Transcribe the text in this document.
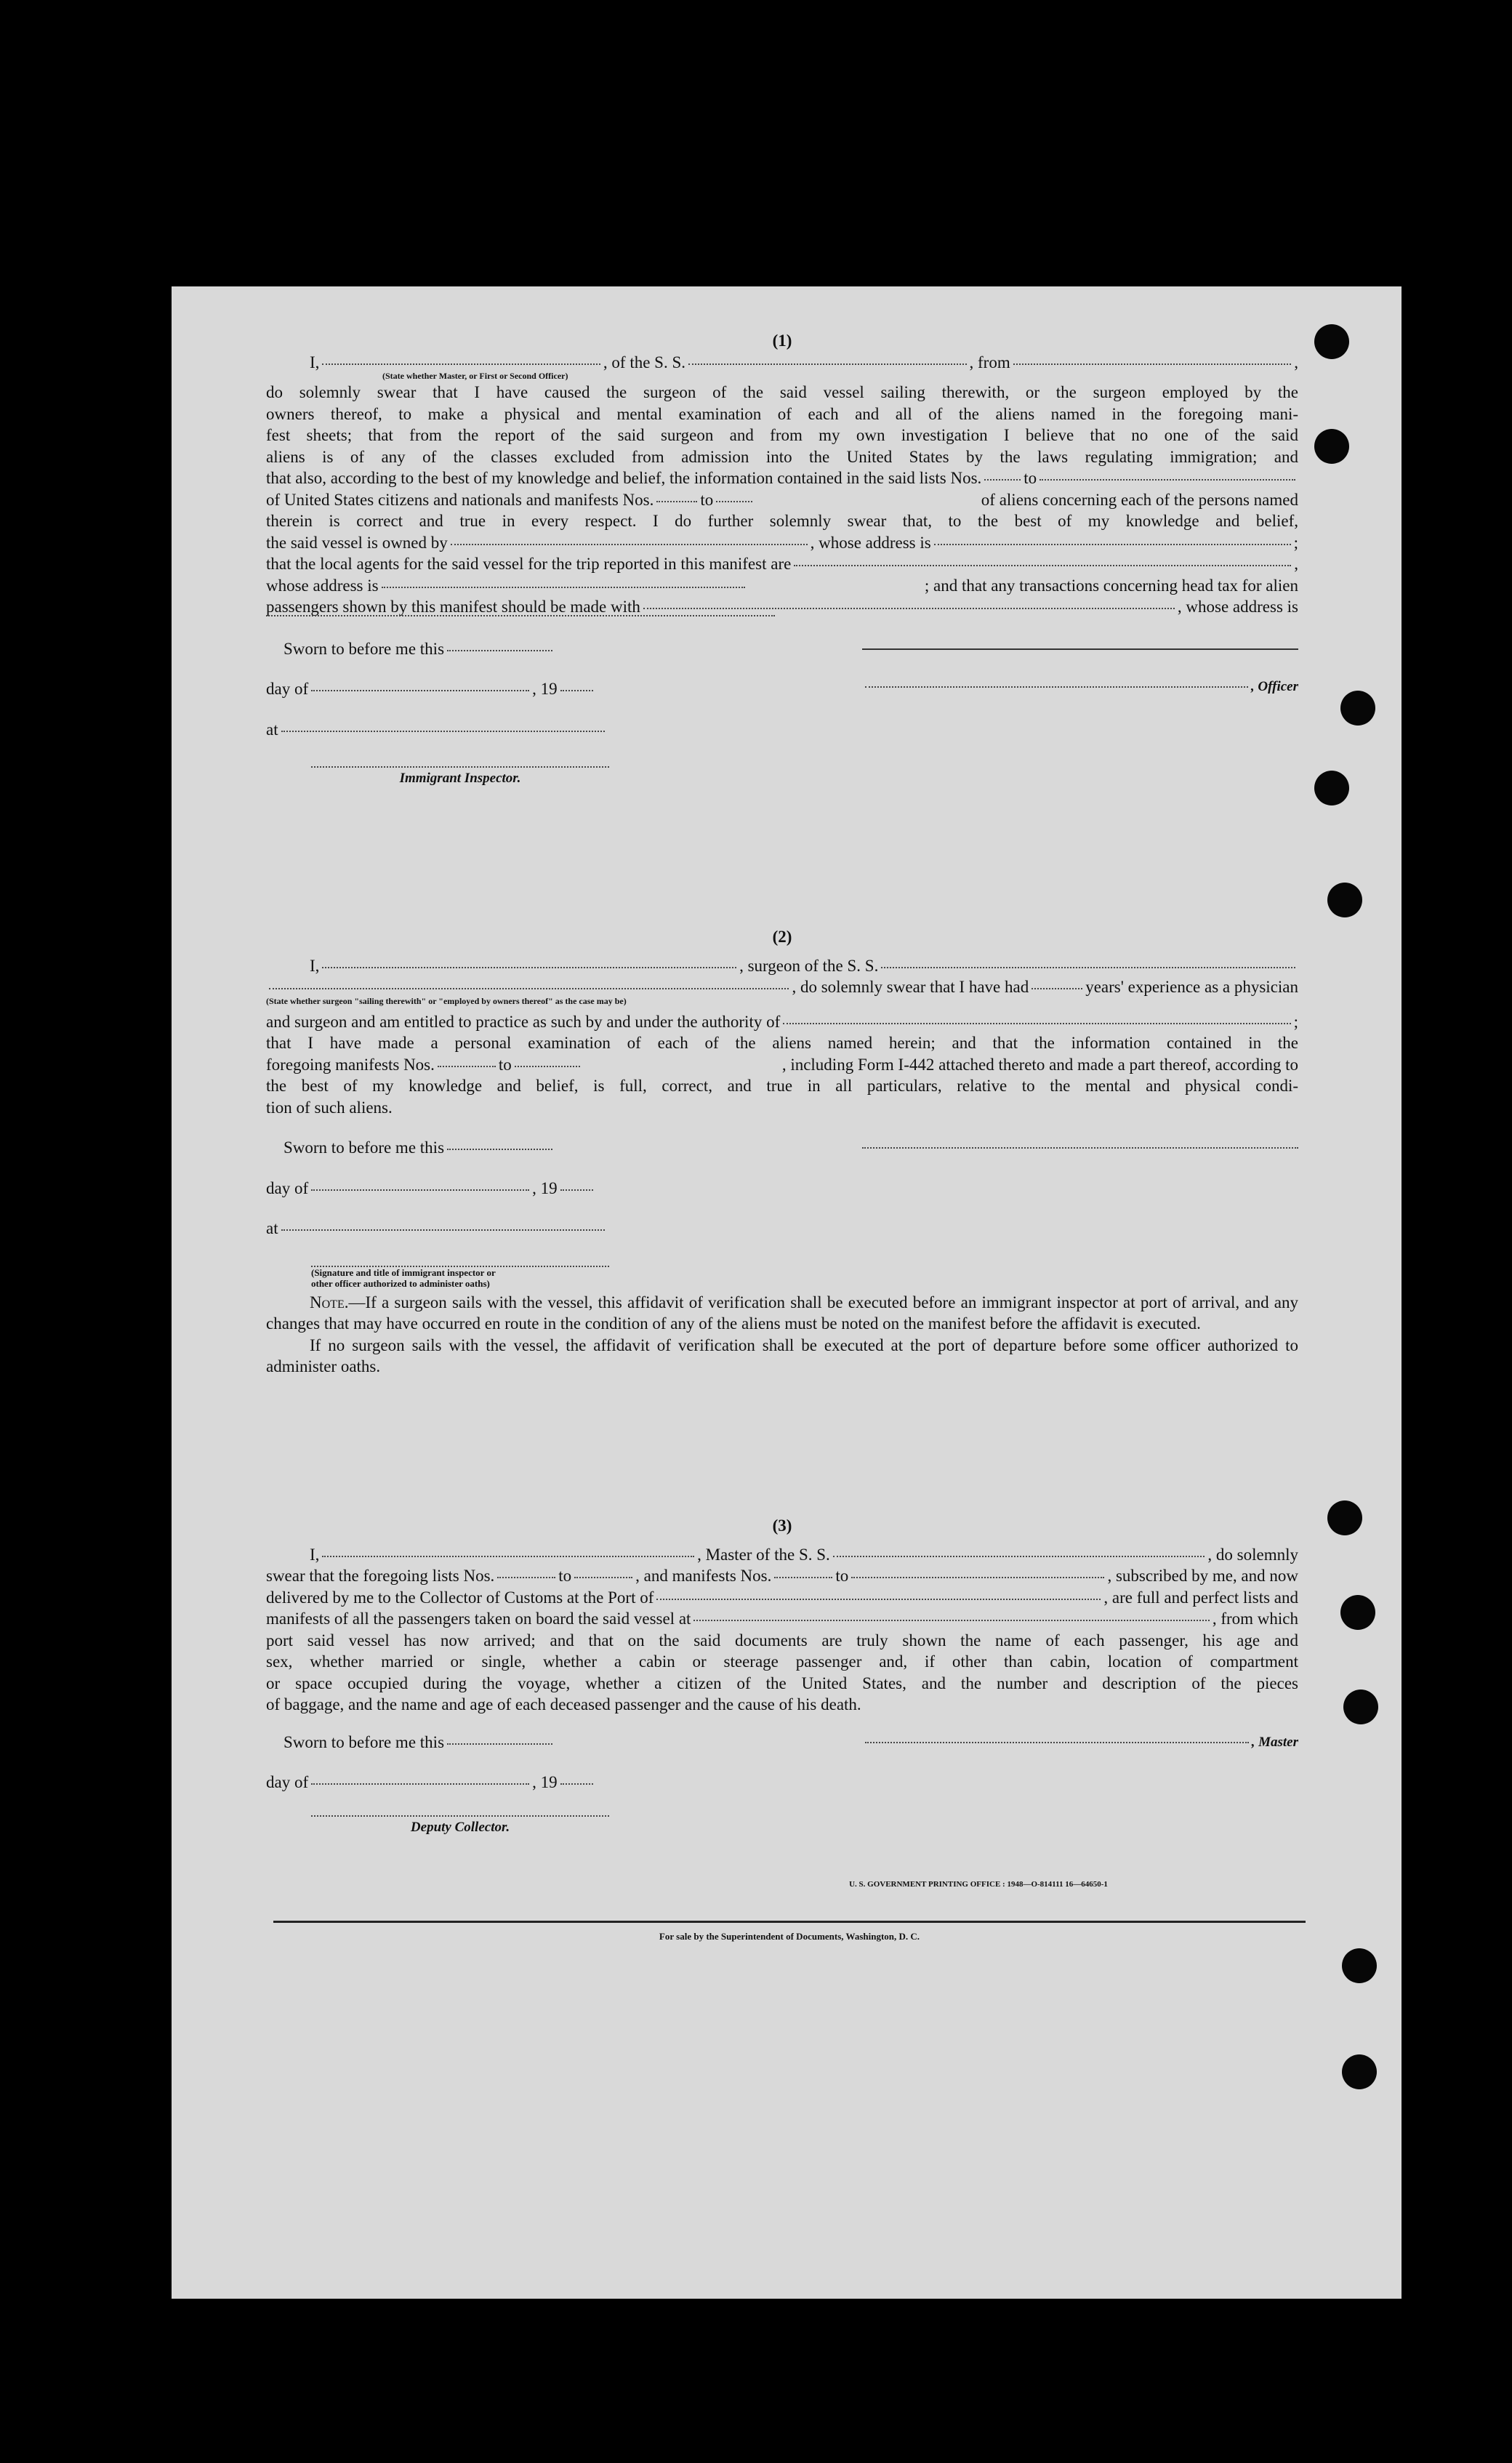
(1)
I,	, of the S. S.	, from	,
(State whether Master, or First or Second Officer)
do solemnly swear that I have caused the surgeon of the said vessel sailing therewith, or the surgeon employed by the
owners thereof, to make a physical and mental examination of each and all of the aliens named in the foregoing mani-
fest sheets; that from the report of the said surgeon and from my own investigation I believe that no one of the said
aliens is of any of the classes excluded from admission into the United States by the laws regulating immigration; and
that also, according to the best of my knowledge and belief, the information contained in the said lists Nos.	to
of United States citizens and nationals and manifests Nos.	to	of aliens concerning each of the persons named
therein is correct and true in every respect. I do further solemnly swear that, to the best of my knowledge and belief,
the said vessel is owned by	, whose address is	;
that the local agents for the said vessel for the trip reported in this manifest are	,
whose address is	; and that any transactions concerning head tax for alien
passengers shown by this manifest should be made with	, whose address is
Sworn to before me this
day of	, 19
at
Immigrant Inspector.
, Officer
(2)
I,	, surgeon of the S. S.
, do solemnly swear that I have had	years' experience as a physician
(State whether surgeon "sailing therewith" or "employed by owners thereof" as the case may be)
and surgeon and am entitled to practice as such by and under the authority of	;
that I have made a personal examination of each of the aliens named herein; and that the information contained in the
foregoing manifests Nos.	to	, including Form I-442 attached thereto and made a part thereof, according to
the best of my knowledge and belief, is full, correct, and true in all particulars, relative to the mental and physical condi-
tion of such aliens.
Sworn to before me this
day of	, 19
at
(Signature and title of immigrant inspector or
other officer authorized to administer oaths)
Note.—If a surgeon sails with the vessel, this affidavit of verification shall be executed before an immigrant inspector at port of arrival, and any changes that may have occurred en route in the condition of any of the aliens must be noted on the manifest before the affidavit is executed.
If no surgeon sails with the vessel, the affidavit of verification shall be executed at the port of departure before some officer authorized to administer oaths.
(3)
I,	, Master of the S. S.	, do solemnly
swear that the foregoing lists Nos.	to	, and manifests Nos.	to	, subscribed by me, and now
delivered by me to the Collector of Customs at the Port of	, are full and perfect lists and
manifests of all the passengers taken on board the said vessel at	, from which
port said vessel has now arrived; and that on the said documents are truly shown the name of each passenger, his age and
sex, whether married or single, whether a cabin or steerage passenger and, if other than cabin, location of compartment
or space occupied during the voyage, whether a citizen of the United States, and the number and description of the pieces
of baggage, and the name and age of each deceased passenger and the cause of his death.
Sworn to before me this
day of	, 19
Deputy Collector.
, Master
U. S. GOVERNMENT PRINTING OFFICE : 1948—O-814111 16—64650-1
For sale by the Superintendent of Documents, Washington, D. C.
